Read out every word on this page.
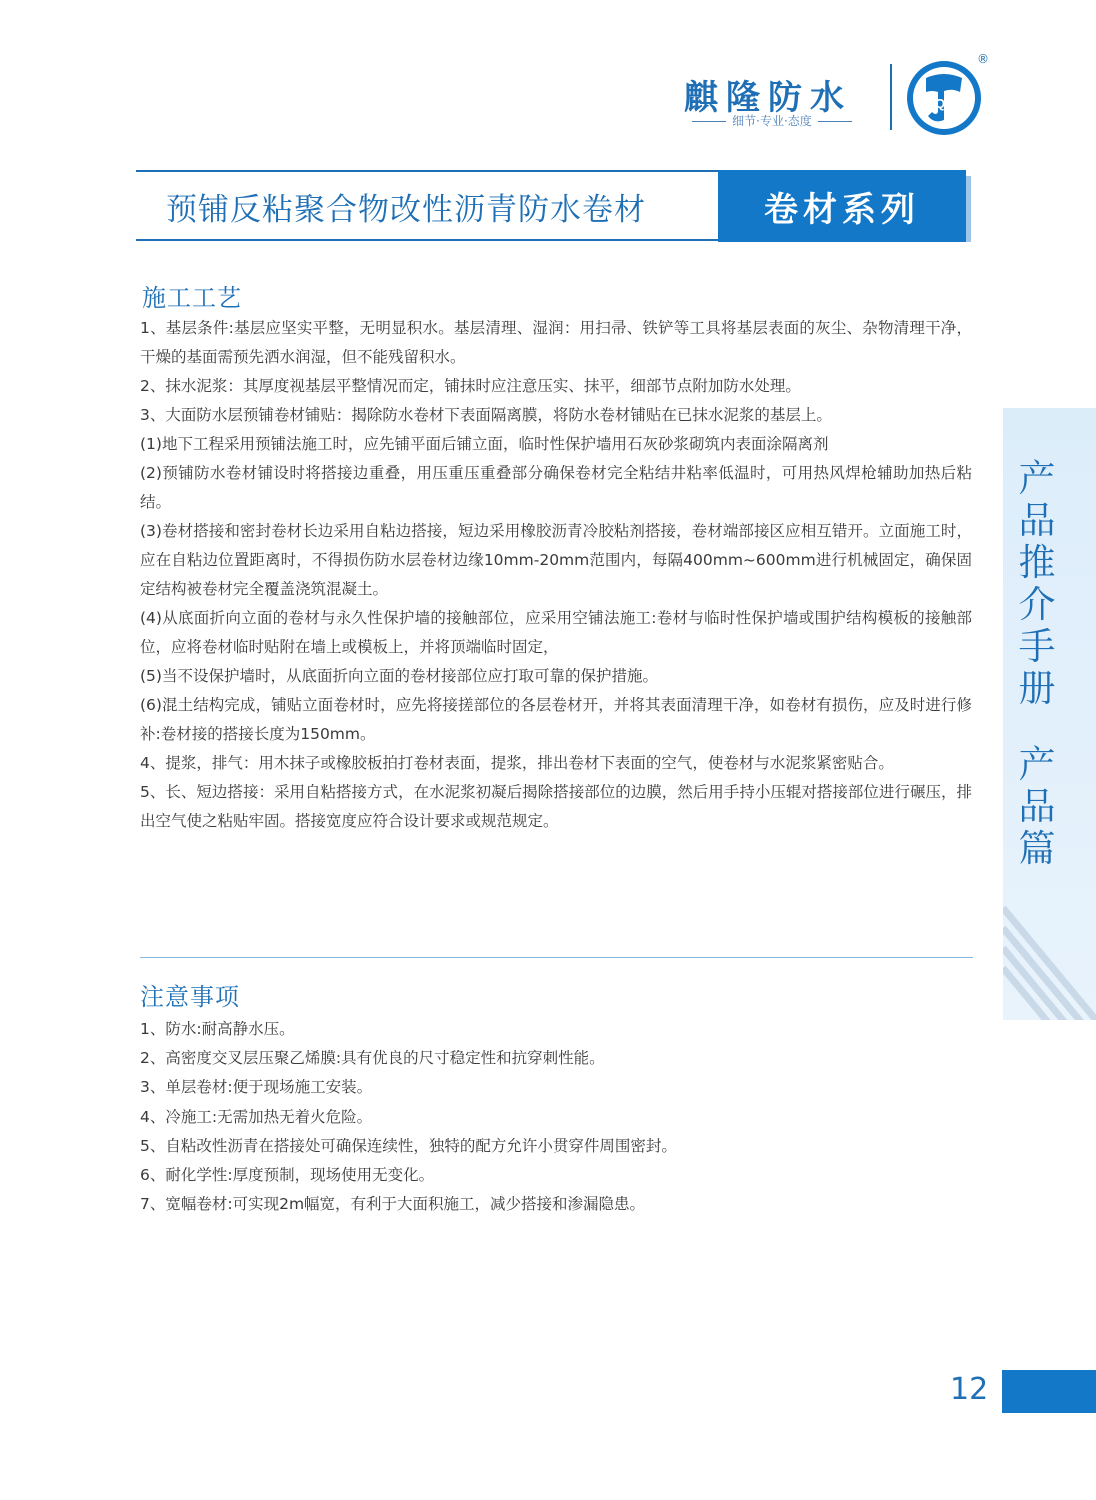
麒隆防水
细节·专业·态度
QL
®
预铺反粘聚合物改性沥青防水卷材	卷材系列
施工工艺

1、基层条件:基层应坚实平整，无明显积水。基层清理、湿润：用扫帚、铁铲等工具将基层表面的灰尘、杂物清理干净，干燥的基面需预先洒水润湿，但不能残留积水。

2、抹水泥浆：其厚度视基层平整情况而定，铺抹时应注意压实、抹平，细部节点附加防水处理。

3、大面防水层预铺卷材铺贴：揭除防水卷材下表面隔离膜，将防水卷材铺贴在已抹水泥浆的基层上。

(1)地下工程采用预铺法施工时，应先铺平面后铺立面，临时性保护墙用石灰砂浆砌筑内表面涂隔离剂

(2)预铺防水卷材铺设时将搭接边重叠，用压重压重叠部分确保卷材完全粘结井粘率低温时，可用热风焊枪辅助加热后粘结。

(3)卷材搭接和密封卷材长边采用自粘边搭接，短边采用橡胶沥青冷胶粘剂搭接，卷材端部接区应相互错开。立面施工时，应在自粘边位置距离时，不得损伤防水层卷材边缘10mm-20mm范围内，每隔400mm~600mm进行机械固定，确保固定结构被卷材完全覆盖浇筑混凝土。

(4)从底面折向立面的卷材与永久性保护墙的接触部位，应采用空铺法施工:卷材与临时性保护墙或围护结构模板的接触部位，应将卷材临时贴附在墙上或模板上，并将顶端临时固定，

(5)当不设保护墙时，从底面折向立面的卷材接部位应打取可靠的保护措施。

(6)混土结构完成，铺贴立面卷材时，应先将接搓部位的各层卷材开，并将其表面清理干净，如卷材有损伤，应及时进行修补:卷材接的搭接长度为150mm。

4、提浆，排气：用木抹子或橡胶板拍打卷材表面，提浆，排出卷材下表面的空气，使卷材与水泥浆紧密贴合。

5、长、短边搭接：采用自粘搭接方式，在水泥浆初凝后揭除搭接部位的边膜，然后用手持小压辊对搭接部位进行碾压，排出空气使之粘贴牢固。搭接宽度应符合设计要求或规范规定。

注意事项

1、防水:耐高静水压。

2、高密度交叉层压聚乙烯膜:具有优良的尺寸稳定性和抗穿刺性能。

3、单层卷材:便于现场施工安装。

4、冷施工:无需加热无着火危险。

5、自粘改性沥青在搭接处可确保连续性，独特的配方允许小贯穿件周围密封。

6、耐化学性:厚度预制，现场使用无变化。

7、宽幅卷材:可实现2m幅宽，有利于大面积施工，减少搭接和渗漏隐患。

产品推介手册
产品篇
12
